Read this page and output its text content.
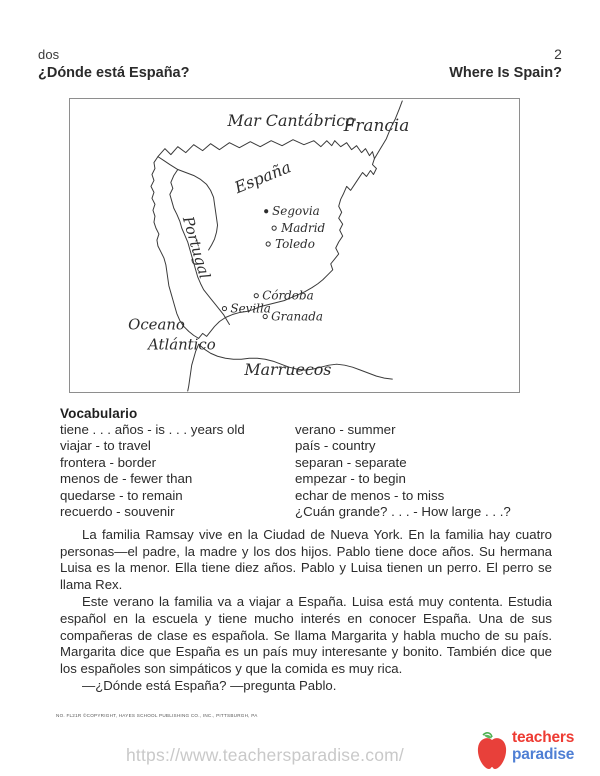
dos	2
¿Dónde está España?	Where Is Spain?
Mar Cantábrico
Francia
España
Portugal
Oceano
Atlántico
Marruecos
Segovia
Madrid
Toledo
Córdoba
Sevilla
Granada
Vocabulario
tiene . . . años - is . . . years old
viajar - to travel
frontera - border
menos de - fewer than
quedarse - to remain
recuerdo - souvenir
verano - summer
país - country
separan - separate
empezar - to begin
echar de menos - to miss
¿Cuán grande? . . . - How large . . .?

La familia Ramsay vive en la Ciudad de Nueva York. En la familia hay cuatro personas—el padre, la madre y los dos hijos. Pablo tiene doce años. Su hermana Luisa es la menor. Ella tiene diez años. Pablo y Luisa tienen un perro. El perro se llama Rex.

Este verano la familia va a viajar a España. Luisa está muy contenta. Estudia español en la escuela y tiene mucho interés en conocer España. Una de sus compañeras de clase es española. Se llama Margarita y habla mucho de su país. Margarita dice que España es un país muy interesante y bonito. También dice que los españoles son simpáticos y que la comida es muy rica.

—¿Dónde está España? —pregunta Pablo.

NO. FL21R ©COPYRIGHT, HAYES SCHOOL PUBLISHING CO., INC., PITTSBURGH, PA
https://www.teachersparadise.com/
teachers
paradise
